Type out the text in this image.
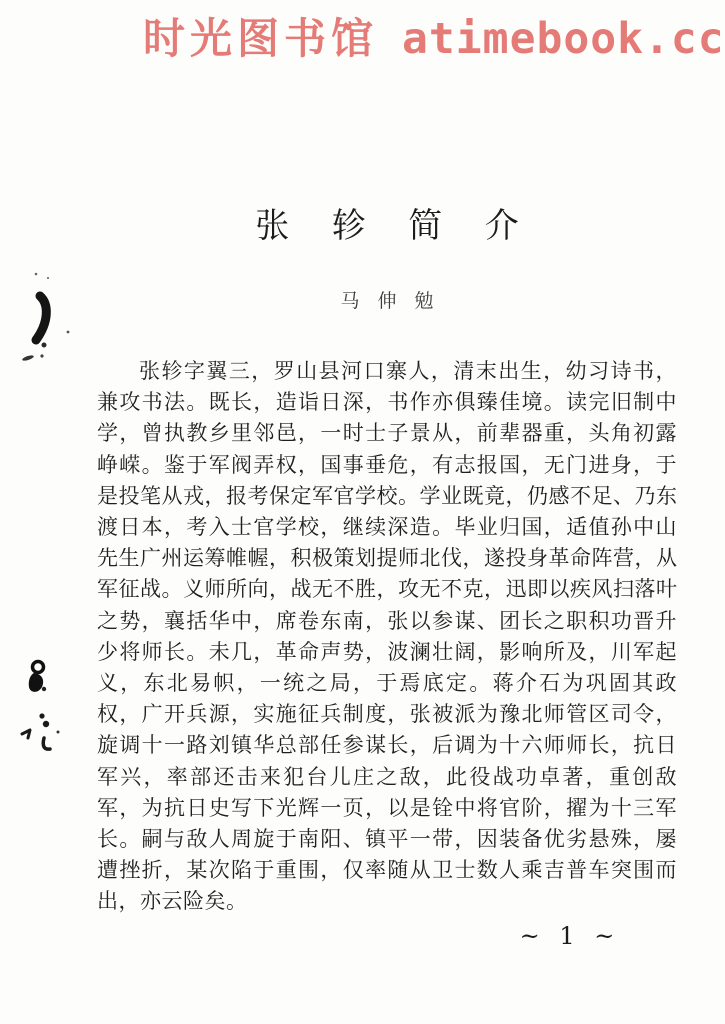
时光图书馆 atimebook.cc
张轸简介
马伸勉

张轸字翼三，罗山县河口寨人，清末出生，幼习诗书，

兼攻书法。既长，造诣日深，书作亦俱臻佳境。读完旧制中

学，曾执教乡里邻邑，一时士子景从，前辈器重，头角初露

峥嵘。鉴于军阀弄权，国事垂危，有志报国，无门进身，于

是投笔从戎，报考保定军官学校。学业既竟，仍感不足、乃东

渡日本，考入士官学校，继续深造。毕业归国，适值孙中山

先生广州运筹帷幄，积极策划提师北伐，遂投身革命阵营，从

军征战。义师所向，战无不胜，攻无不克，迅即以疾风扫落叶

之势，襄括华中，席卷东南，张以参谋、团长之职积功晋升

少将师长。未几，革命声势，波澜壮阔，影响所及，川军起

义，东北易帜，一统之局，于焉底定。蒋介石为巩固其政

权，广开兵源，实施征兵制度，张被派为豫北师管区司令，

旋调十一路刘镇华总部任参谋长，后调为十六师师长，抗日

军兴，率部还击来犯台儿庄之敌，此役战功卓著，重创敌

军，为抗日史写下光辉一页，以是铨中将官阶，擢为十三军

长。嗣与敌人周旋于南阳、镇平一带，因装备优劣悬殊，屡

遭挫折，某次陷于重围，仅率随从卫士数人乘吉普车突围而

出，亦云险矣。

~ 1 ~
